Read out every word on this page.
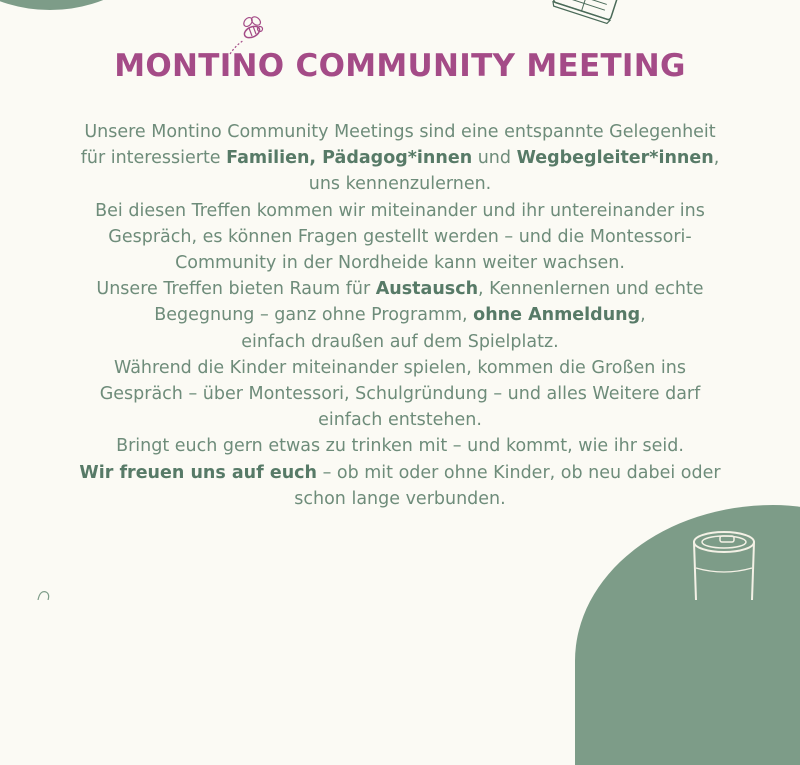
MONTINO COMMUNITY MEETING
Unsere Montino Community Meetings sind eine entspannte Gelegenheit
für interessierte Familien, Pädagog*innen und Wegbegleiter*innen,
uns kennenzulernen.
Bei diesen Treffen kommen wir miteinander und ihr untereinander ins
Gespräch, es können Fragen gestellt werden – und die Montessori-
Community in der Nordheide kann weiter wachsen.
Unsere Treffen bieten Raum für Austausch, Kennenlernen und echte
Begegnung – ganz ohne Programm, ohne Anmeldung,
einfach draußen auf dem Spielplatz.
Während die Kinder miteinander spielen, kommen die Großen ins
Gespräch – über Montessori, Schulgründung – und alles Weitere darf
einfach entstehen.
Bringt euch gern etwas zu trinken mit – und kommt, wie ihr seid.
Wir freuen uns auf euch – ob mit oder ohne Kinder, ob neu dabei oder
schon lange verbunden.
